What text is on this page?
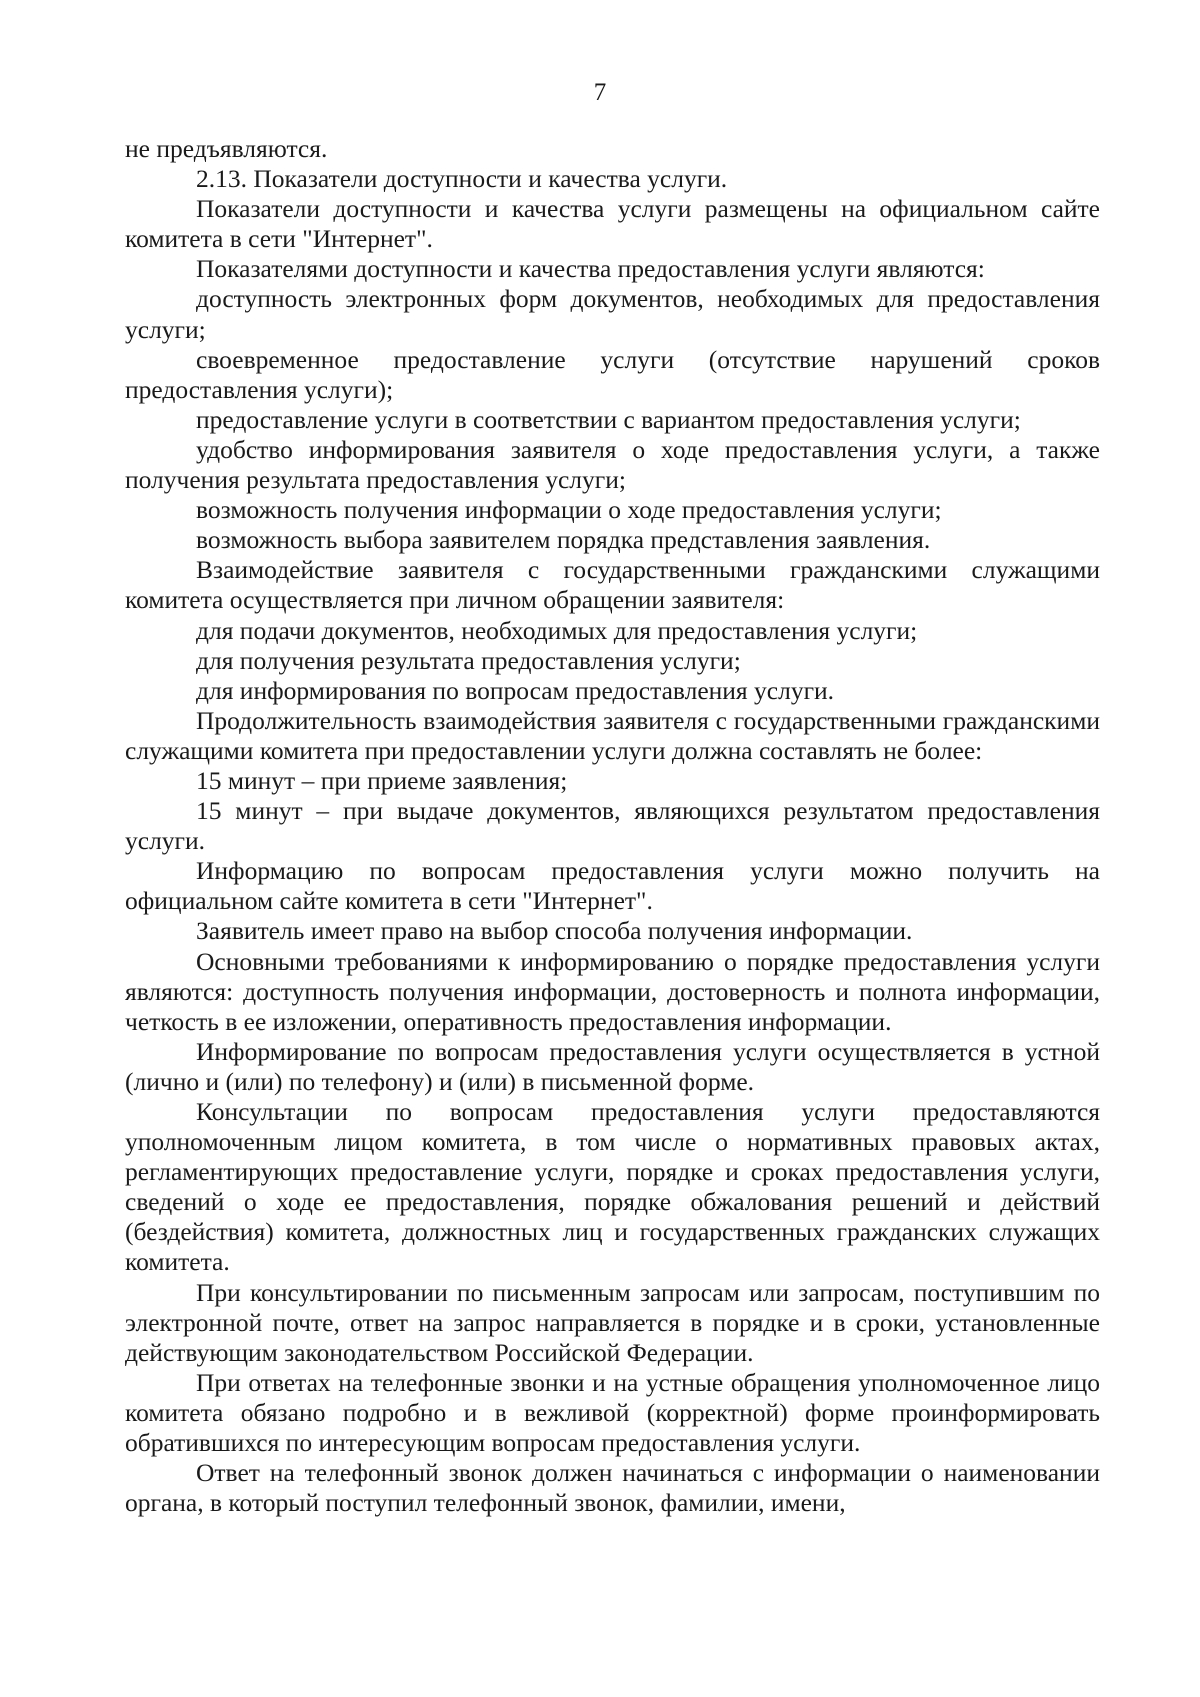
7

не предъявляются.

2.13. Показатели доступности и качества услуги.

Показатели доступности и качества услуги размещены на официальном сайте комитета в сети "Интернет".

Показателями доступности и качества предоставления услуги являются:

доступность электронных форм документов, необходимых для предоставления услуги;

своевременное предоставление услуги (отсутствие нарушений сроков предоставления услуги);

предоставление услуги в соответствии с вариантом предоставления услуги;

удобство информирования заявителя о ходе предоставления услуги, а также получения результата предоставления услуги;

возможность получения информации о ходе предоставления услуги;

возможность выбора заявителем порядка представления заявления.

Взаимодействие заявителя с государственными гражданскими служащими комитета осуществляется при личном обращении заявителя:

для подачи документов, необходимых для предоставления услуги;

для получения результата предоставления услуги;

для информирования по вопросам предоставления услуги.

Продолжительность взаимодействия заявителя с государственными гражданскими служащими комитета при предоставлении услуги должна составлять не более:

15 минут – при приеме заявления;

15 минут – при выдаче документов, являющихся результатом предоставления услуги.

Информацию по вопросам предоставления услуги можно получить на официальном сайте комитета в сети "Интернет".

Заявитель имеет право на выбор способа получения информации.

Основными требованиями к информированию о порядке предоставления услуги являются: доступность получения информации, достоверность и полнота информации, четкость в ее изложении, оперативность предоставления информации.

Информирование по вопросам предоставления услуги осуществляется в устной (лично и (или) по телефону) и (или) в письменной форме.

Консультации по вопросам предоставления услуги предоставляются уполномоченным лицом комитета, в том числе о нормативных правовых актах, регламентирующих предоставление услуги, порядке и сроках предоставления услуги, сведений о ходе ее предоставления, порядке обжалования решений и действий (бездействия) комитета, должностных лиц и государственных гражданских служащих комитета.

При консультировании по письменным запросам или запросам, поступившим по электронной почте, ответ на запрос направляется в порядке и в сроки, установленные действующим законодательством Российской Федерации.

При ответах на телефонные звонки и на устные обращения уполномоченное лицо комитета обязано подробно и в вежливой (корректной) форме проинформировать обратившихся по интересующим вопросам предоставления услуги.

Ответ на телефонный звонок должен начинаться с информации о наименовании органа, в который поступил телефонный звонок, фамилии, имени,
